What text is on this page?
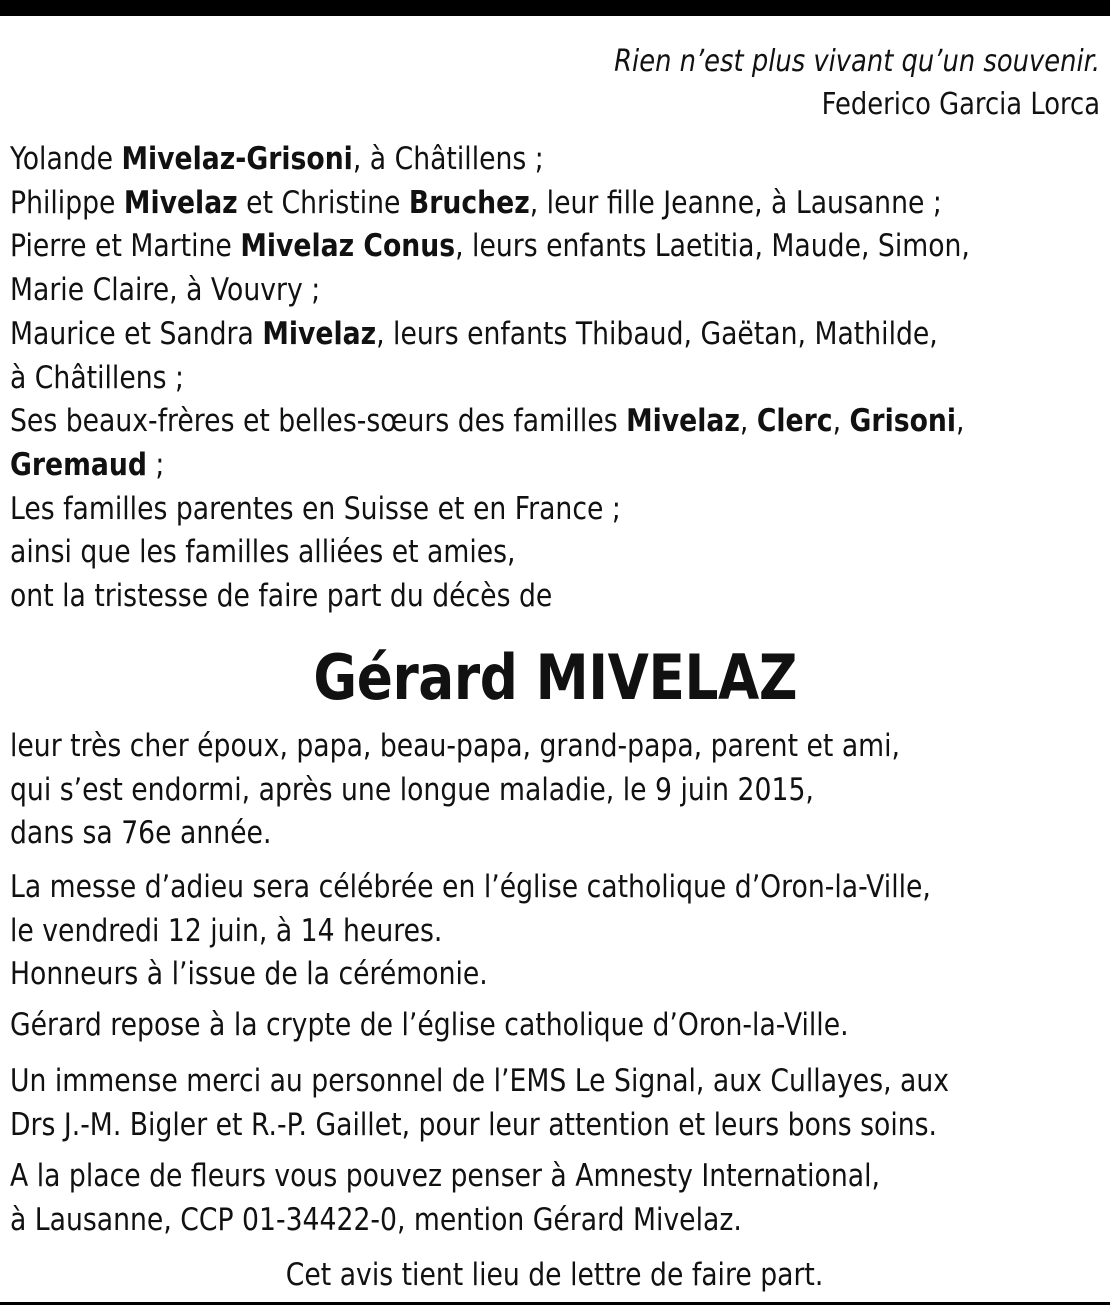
Rien n’est plus vivant qu’un souvenir.
Federico Garcia Lorca
Yolande Mivelaz-Grisoni, à Châtillens ;
Philippe Mivelaz et Christine Bruchez, leur fille Jeanne, à Lausanne ;
Pierre et Martine Mivelaz Conus, leurs enfants Laetitia, Maude, Simon,
Marie Claire, à Vouvry ;
Maurice et Sandra Mivelaz, leurs enfants Thibaud, Gaëtan, Mathilde,
à Châtillens ;
Ses beaux-frères et belles-sœurs des familles Mivelaz, Clerc, Grisoni,
Gremaud ;
Les familles parentes en Suisse et en France ;
ainsi que les familles alliées et amies,
ont la tristesse de faire part du décès de
Gérard MIVELAZ
leur très cher époux, papa, beau-papa, grand-papa, parent et ami,
qui s’est endormi, après une longue maladie, le 9 juin 2015,
dans sa 76e année.
La messe d’adieu sera célébrée en l’église catholique d’Oron-la-Ville,
le vendredi 12 juin, à 14 heures.
Honneurs à l’issue de la cérémonie.
Gérard repose à la crypte de l’église catholique d’Oron-la-Ville.
Un immense merci au personnel de l’EMS Le Signal, aux Cullayes, aux
Drs J.-M. Bigler et R.-P. Gaillet, pour leur attention et leurs bons soins.
A la place de fleurs vous pouvez penser à Amnesty International,
à Lausanne, CCP 01-34422-0, mention Gérard Mivelaz.
Cet avis tient lieu de lettre de faire part.
